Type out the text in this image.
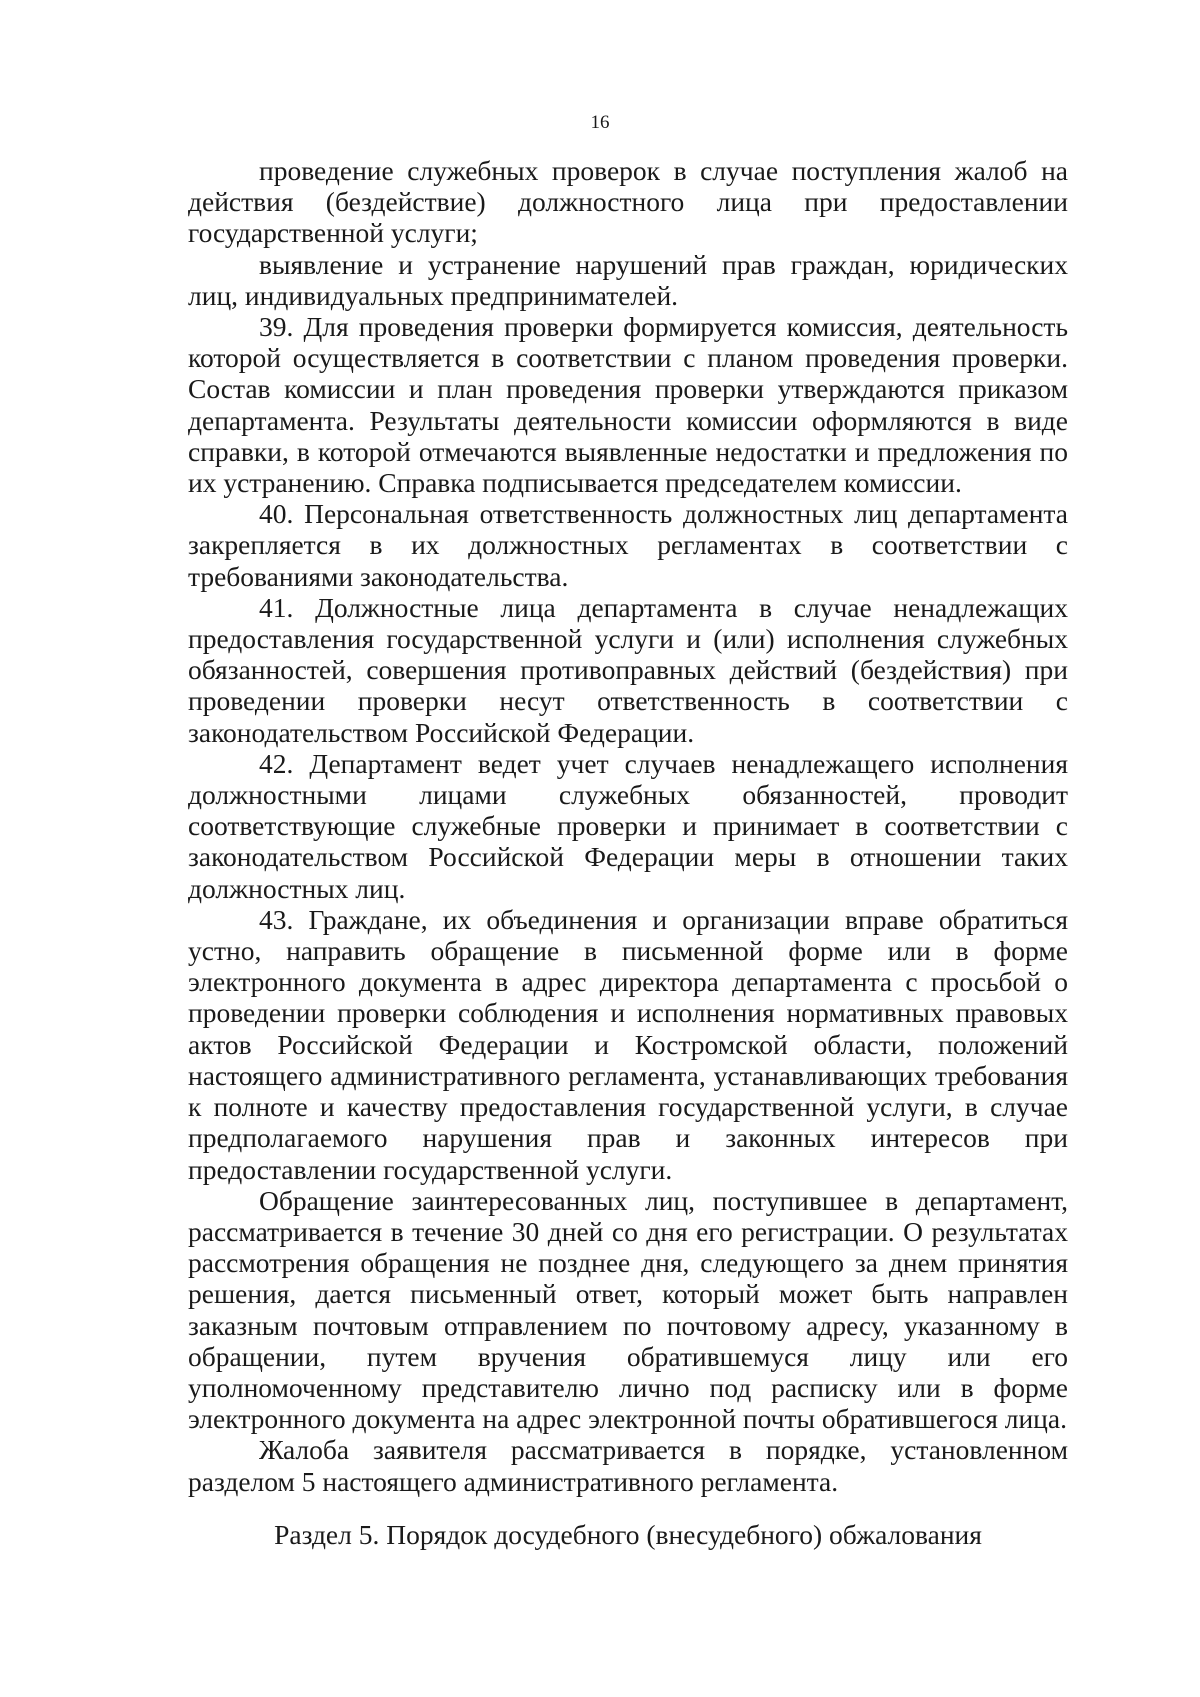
16

проведение служебных проверок в случае поступления жалоб на действия (бездействие) должностного лица при предоставлении государственной услуги;

выявление и устранение нарушений прав граждан, юридических лиц, индивидуальных предпринимателей.

39. Для проведения проверки формируется комиссия, деятельность которой осуществляется в соответствии с планом проведения проверки. Состав комиссии и план проведения проверки утверждаются приказом департамента. Результаты деятельности комиссии оформляются в виде справки, в которой отмечаются выявленные недостатки и предложения по их устранению. Справка подписывается председателем комиссии.

40. Персональная ответственность должностных лиц департамента закрепляется в их должностных регламентах в соответствии с требованиями законодательства.

41. Должностные лица департамента в случае ненадлежащих предоставления государственной услуги и (или) исполнения служебных обязанностей, совершения противоправных действий (бездействия) при проведении проверки несут ответственность в соответствии с законодательством Российской Федерации.

42. Департамент ведет учет случаев ненадлежащего исполнения должностными лицами служебных обязанностей, проводит соответствующие служебные проверки и принимает в соответствии с законодательством Российской Федерации меры в отношении таких должностных лиц.

43. Граждане, их объединения и организации вправе обратиться устно, направить обращение в письменной форме или в форме электронного документа в адрес директора департамента с просьбой о проведении проверки соблюдения и исполнения нормативных правовых актов Российской Федерации и Костромской области, положений настоящего административного регламента, устанавливающих требования к полноте и качеству предоставления государственной услуги, в случае предполагаемого нарушения прав и законных интересов при предоставлении государственной услуги.

Обращение заинтересованных лиц, поступившее в департамент, рассматривается в течение 30 дней со дня его регистрации. О результатах рассмотрения обращения не позднее дня, следующего за днем принятия решения, дается письменный ответ, который может быть направлен заказным почтовым отправлением по почтовому адресу, указанному в обращении, путем вручения обратившемуся лицу или его уполномоченному представителю лично под расписку или в форме электронного документа на адрес электронной почты обратившегося лица.

Жалоба заявителя рассматривается в порядке, установленном разделом 5 настоящего административного регламента.

Раздел 5. Порядок досудебного (внесудебного) обжалования
